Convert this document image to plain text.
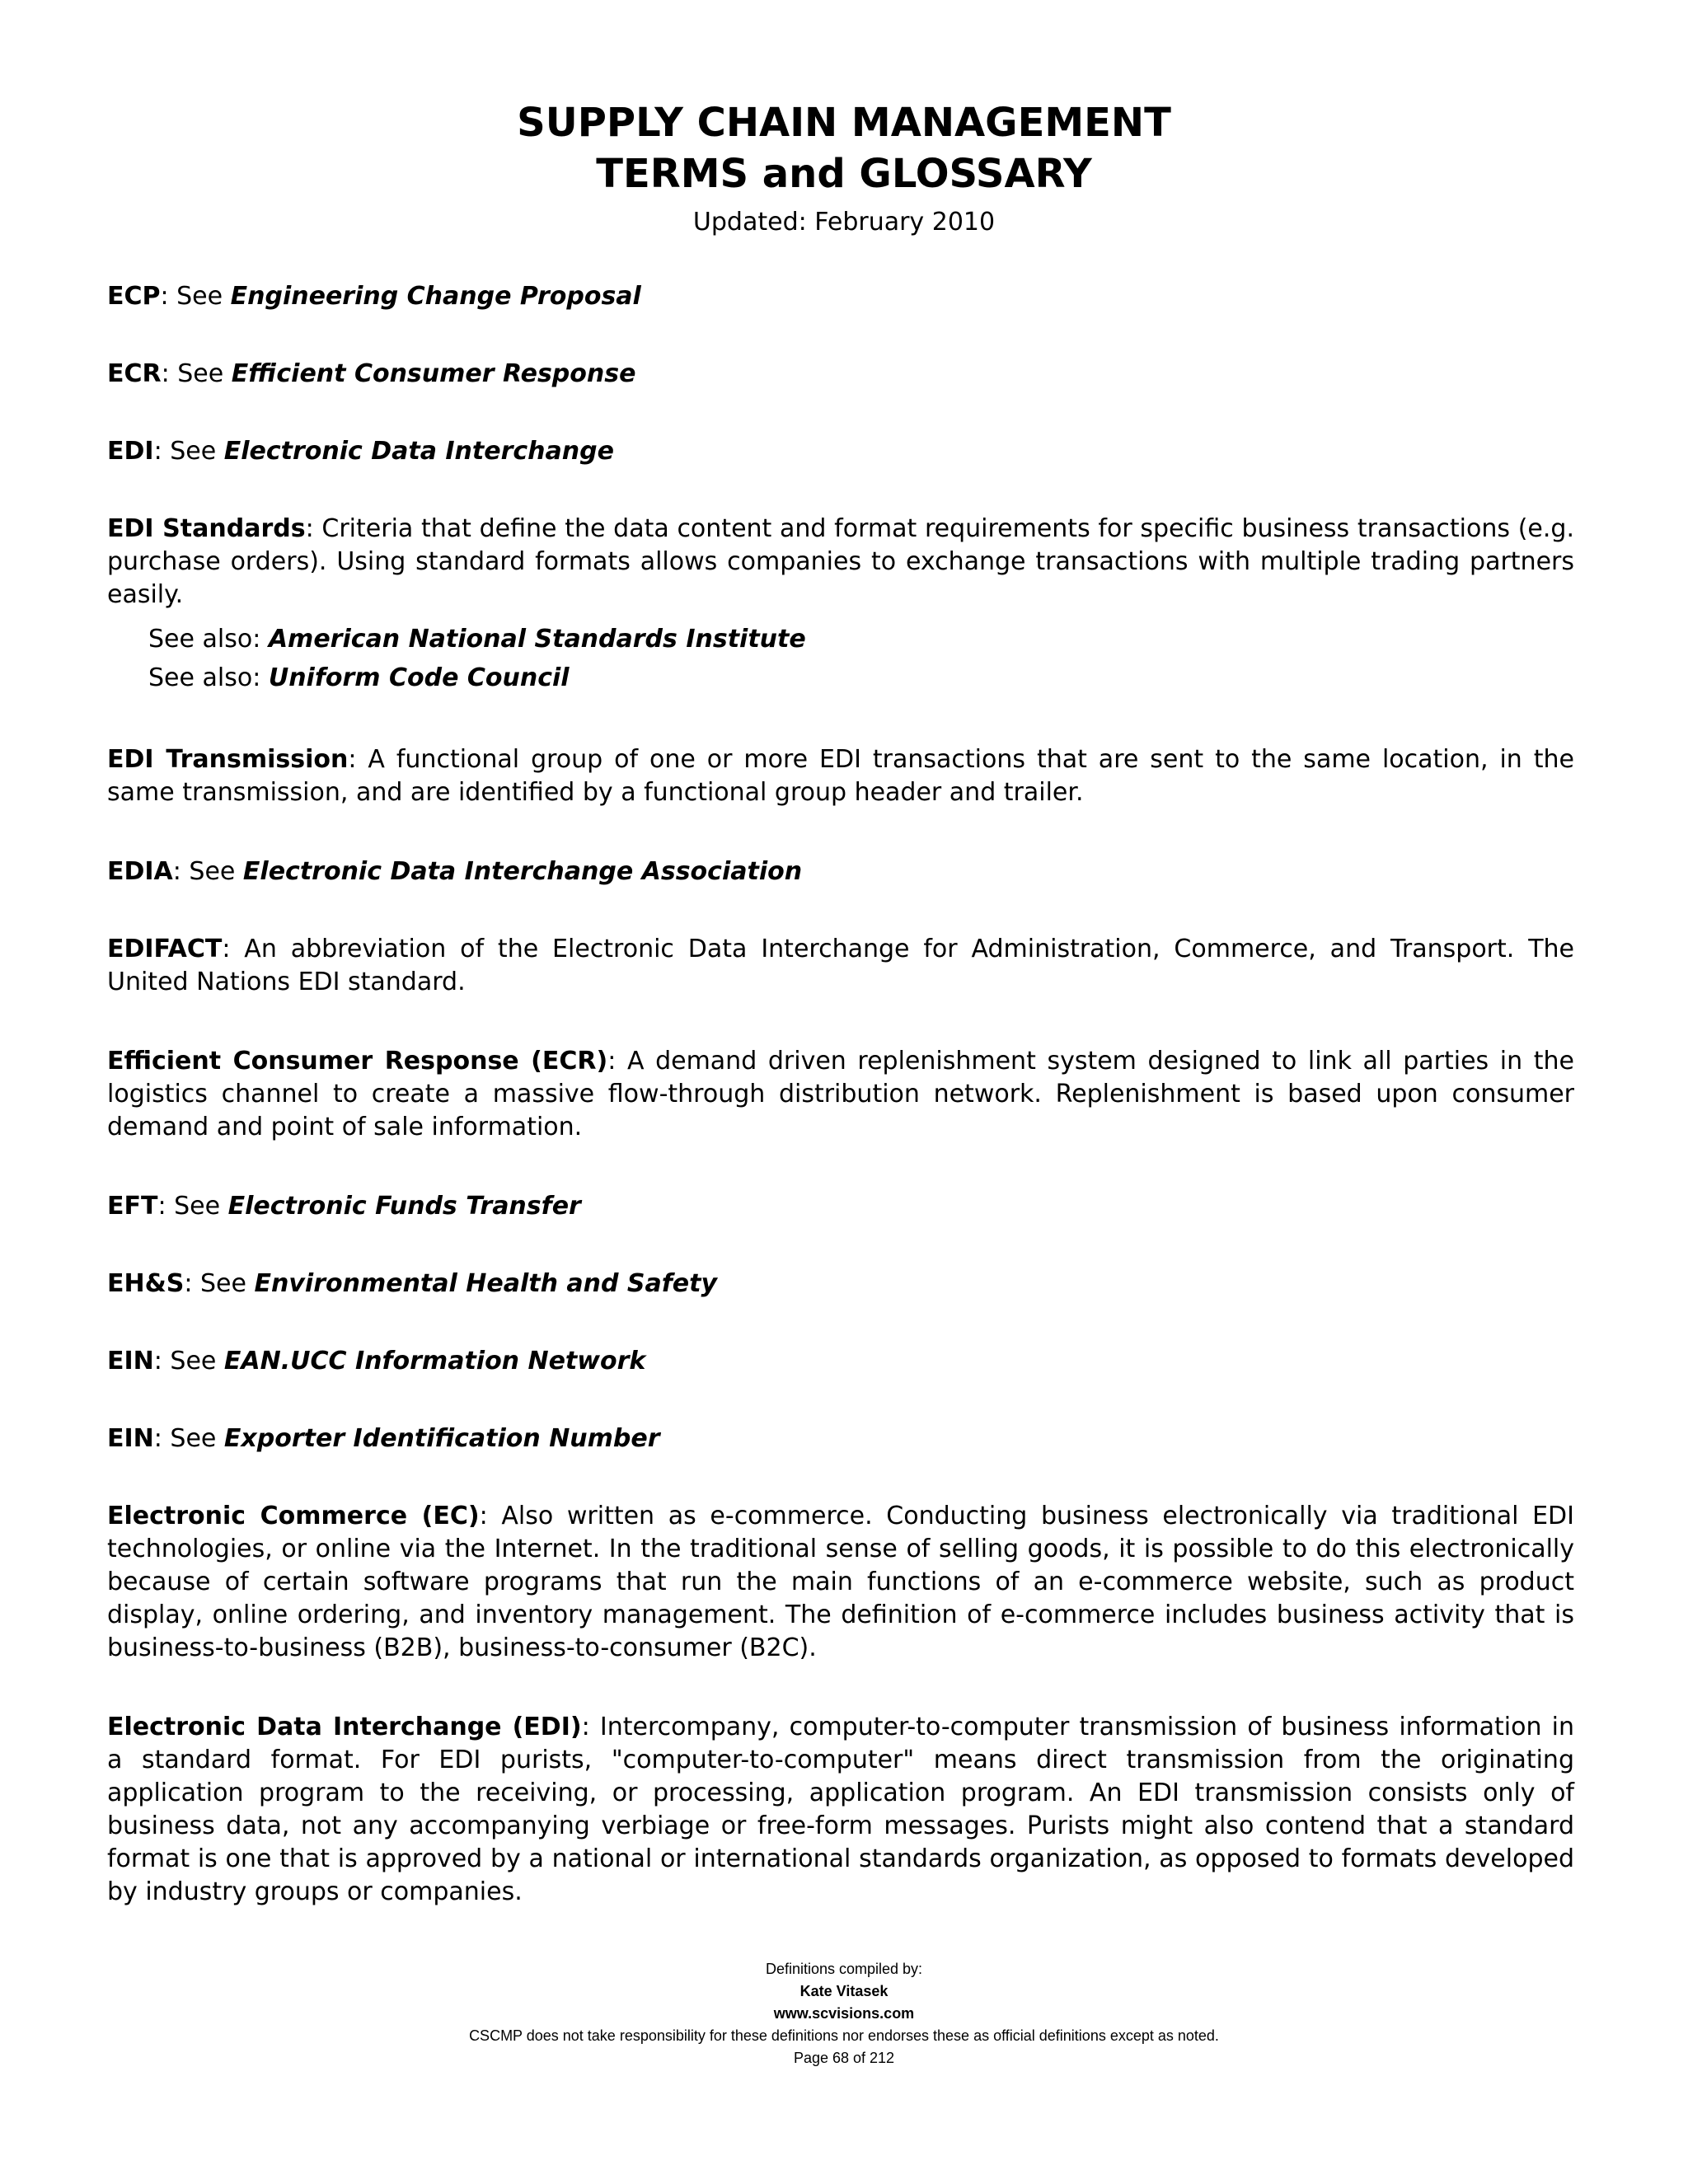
SUPPLY CHAIN MANAGEMENT
TERMS and GLOSSARY
Updated: February 2010

ECP: See Engineering Change Proposal

ECR: See Efficient Consumer Response

EDI: See Electronic Data Interchange

EDI Standards: Criteria that define the data content and format requirements for specific business transactions (e.g. purchase orders). Using standard formats allows companies to exchange transactions with multiple trading partners easily.
See also: American National Standards Institute
See also: Uniform Code Council

EDI Transmission: A functional group of one or more EDI transactions that are sent to the same location, in the same transmission, and are identified by a functional group header and trailer.

EDIA: See Electronic Data Interchange Association

EDIFACT: An abbreviation of the Electronic Data Interchange for Administration, Commerce, and Transport. The United Nations EDI standard.

Efficient Consumer Response (ECR): A demand driven replenishment system designed to link all parties in the logistics channel to create a massive flow-through distribution network. Replenishment is based upon consumer demand and point of sale information.

EFT: See Electronic Funds Transfer

EH&S: See Environmental Health and Safety

EIN: See EAN.UCC Information Network

EIN: See Exporter Identification Number

Electronic Commerce (EC): Also written as e-commerce. Conducting business electronically via traditional EDI technologies, or online via the Internet. In the traditional sense of selling goods, it is possible to do this electronically because of certain software programs that run the main functions of an e-commerce website, such as product display, online ordering, and inventory management. The definition of e-commerce includes business activity that is business-to-business (B2B), business-to-consumer (B2C).

Electronic Data Interchange (EDI): Intercompany, computer-to-computer transmission of business information in a standard format. For EDI purists, "computer-to-computer" means direct transmission from the originating application program to the receiving, or processing, application program. An EDI transmission consists only of business data, not any accompanying verbiage or free-form messages. Purists might also contend that a standard format is one that is approved by a national or international standards organization, as opposed to formats developed by industry groups or companies.

Definitions compiled by:
Kate Vitasek
www.scvisions.com
CSCMP does not take responsibility for these definitions nor endorses these as official definitions except as noted.
Page 68 of 212
